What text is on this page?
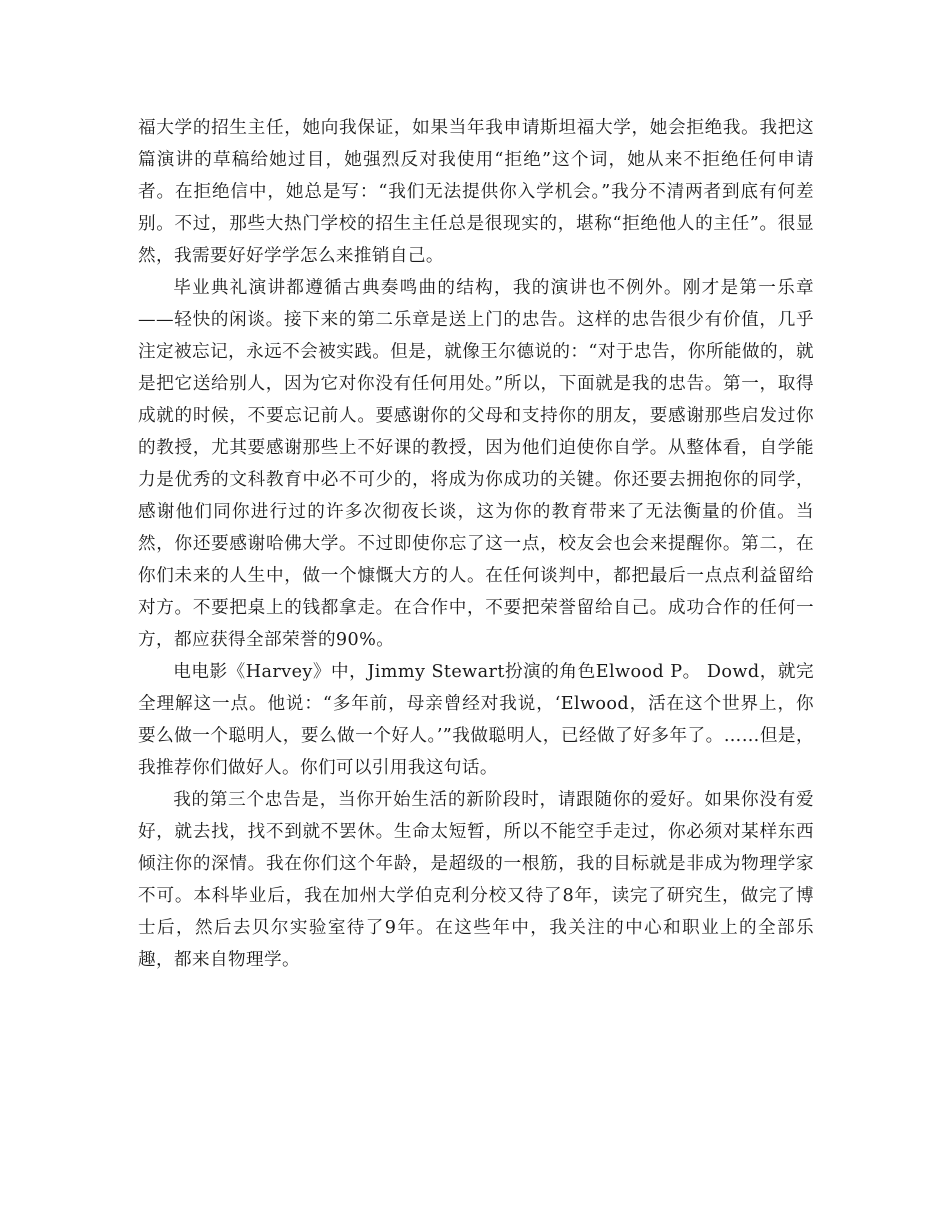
福大学的招生主任，她向我保证，如果当年我申请斯坦福大学，她会拒绝我。我把这篇演讲的草稿给她过目，她强烈反对我使用“拒绝”这个词，她从来不拒绝任何申请者。在拒绝信中，她总是写：“我们无法提供你入学机会。”我分不清两者到底有何差别。不过，那些大热门学校的招生主任总是很现实的，堪称“拒绝他人的主任”。很显然，我需要好好学学怎么来推销自己。

毕业典礼演讲都遵循古典奏鸣曲的结构，我的演讲也不例外。刚才是第一乐章——轻快的闲谈。接下来的第二乐章是送上门的忠告。这样的忠告很少有价值，几乎注定被忘记，永远不会被实践。但是，就像王尔德说的：“对于忠告，你所能做的，就是把它送给别人，因为它对你没有任何用处。”所以，下面就是我的忠告。第一，取得成就的时候，不要忘记前人。要感谢你的父母和支持你的朋友，要感谢那些启发过你的教授，尤其要感谢那些上不好课的教授，因为他们迫使你自学。从整体看，自学能力是优秀的文科教育中必不可少的，将成为你成功的关键。你还要去拥抱你的同学，感谢他们同你进行过的许多次彻夜长谈，这为你的教育带来了无法衡量的价值。当然，你还要感谢哈佛大学。不过即使你忘了这一点，校友会也会来提醒你。第二，在你们未来的人生中，做一个慷慨大方的人。在任何谈判中，都把最后一点点利益留给对方。不要把桌上的钱都拿走。在合作中，不要把荣誉留给自己。成功合作的任何一方，都应获得全部荣誉的90%。

电电影《Harvey》中，Jimmy Stewart扮演的角色Elwood P。 Dowd，就完全理解这一点。他说：“多年前，母亲曾经对我说，‘Elwood，活在这个世界上，你要么做一个聪明人，要么做一个好人。’”我做聪明人，已经做了好多年了。……但是，我推荐你们做好人。你们可以引用我这句话。

我的第三个忠告是，当你开始生活的新阶段时，请跟随你的爱好。如果你没有爱好，就去找，找不到就不罢休。生命太短暂，所以不能空手走过，你必须对某样东西倾注你的深情。我在你们这个年龄，是超级的一根筋，我的目标就是非成为物理学家不可。本科毕业后，我在加州大学伯克利分校又待了8年，读完了研究生，做完了博士后，然后去贝尔实验室待了9年。在这些年中，我关注的中心和职业上的全部乐趣，都来自物理学。
